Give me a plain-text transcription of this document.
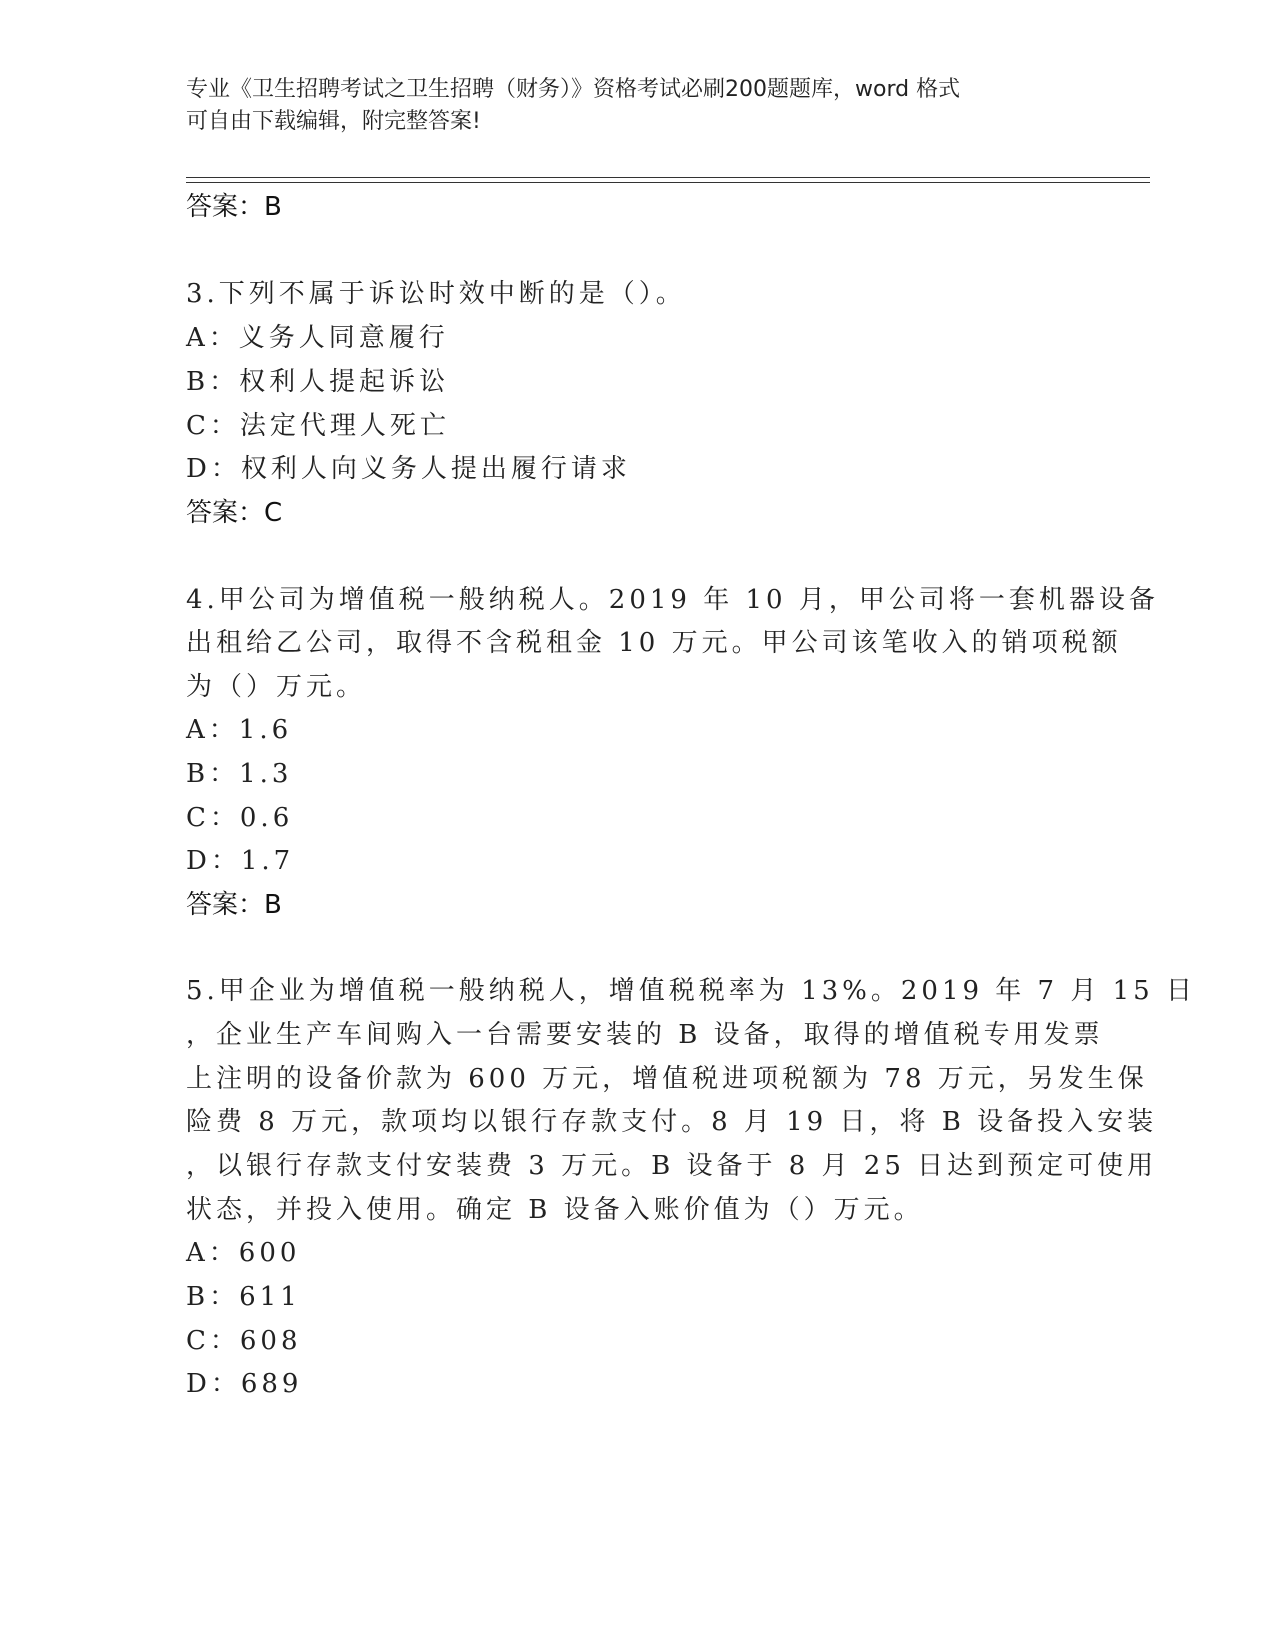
专业《卫生招聘考试之卫生招聘（财务）》资格考试必刷200题题库，word 格式
可自由下载编辑，附完整答案!
答案：B
3.下列不属于诉讼时效中断的是（）。
A：义务人同意履行
B：权利人提起诉讼
C：法定代理人死亡
D：权利人向义务人提出履行请求
答案：C
4.甲公司为增值税一般纳税人。2019 年 10 月，甲公司将一套机器设备
出租给乙公司，取得不含税租金 10 万元。甲公司该笔收入的销项税额
为（）万元。
A：1.6
B：1.3
C：0.6
D：1.7
答案：B
5.甲企业为增值税一般纳税人，增值税税率为 13%。2019 年 7 月 15 日
，企业生产车间购入一台需要安装的 B 设备，取得的增值税专用发票
上注明的设备价款为 600 万元，增值税进项税额为 78 万元，另发生保
险费 8 万元，款项均以银行存款支付。8 月 19 日，将 B 设备投入安装
，以银行存款支付安装费 3 万元。B 设备于 8 月 25 日达到预定可使用
状态，并投入使用。确定 B 设备入账价值为（）万元。
A：600
B：611
C：608
D：689
